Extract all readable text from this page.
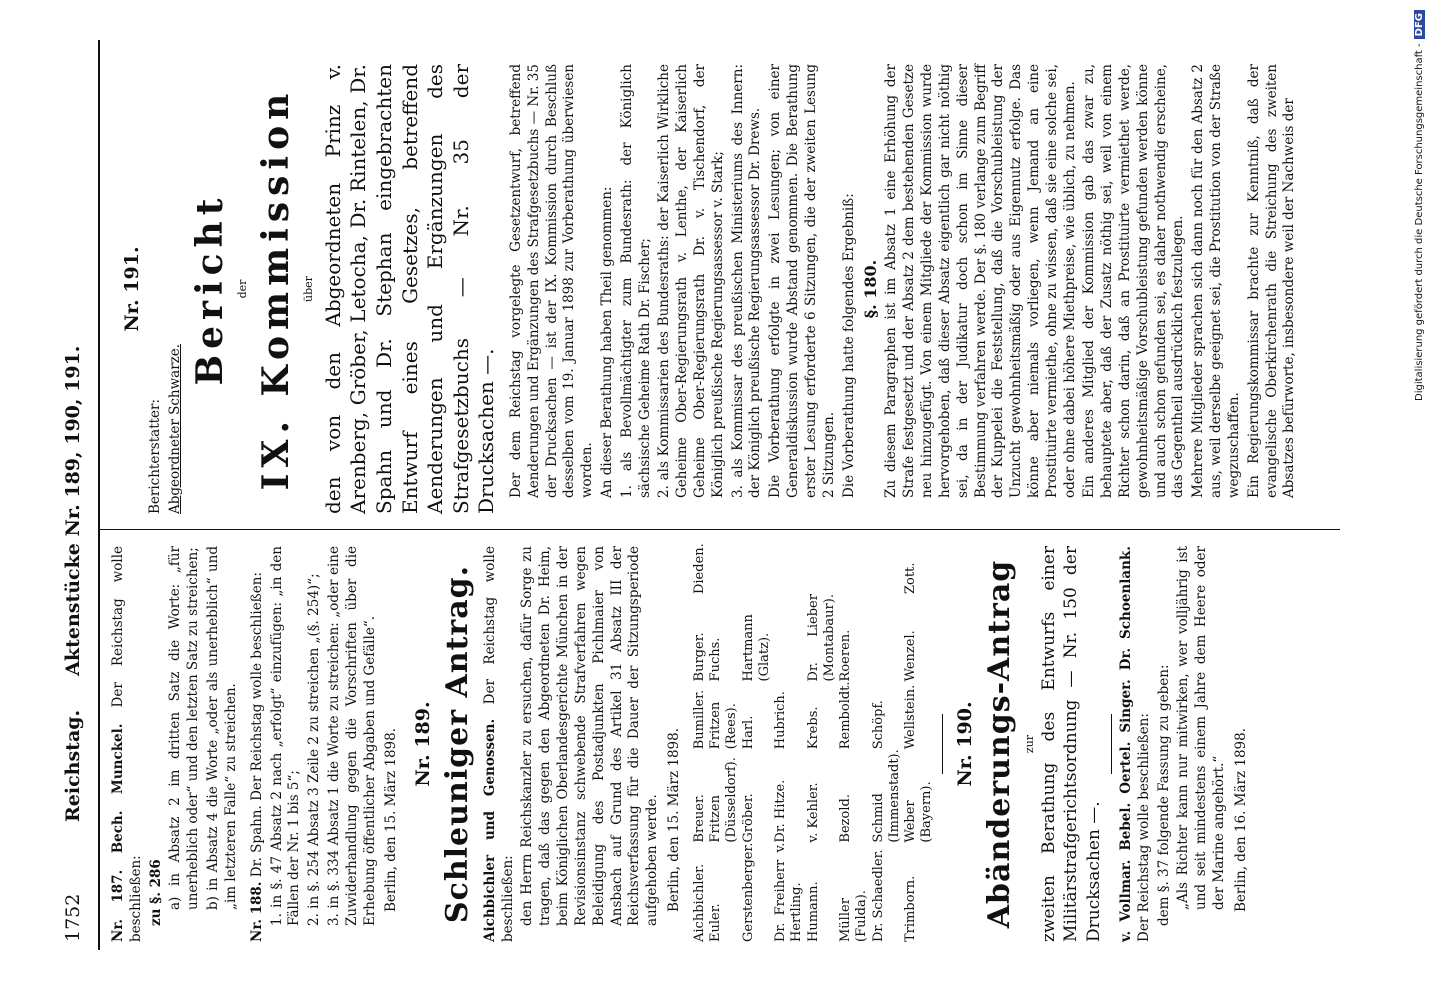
1752
Reichstag.
Aktenstücke Nr. 189, 190, 191.

Nr. 187. Bech. Munckel. Der Reichstag wolle beschließen: zu §. 286 a) in Absatz 2 im dritten Satz die Worte: „für unerheblich oder“ und den letzten Satz zu streichen; b) in Absatz 4 die Worte „oder als unerheblich“ und „im letzteren Falle“ zu streichen.

Nr. 188. Dr. Spahn. Der Reichstag wolle beschließen: 1. in §. 47 Absatz 2 nach „erfolgt“ einzufügen: „in den Fällen der Nr. 1 bis 5“; 2. in §. 254 Absatz 3 Zeile 2 zu streichen „(§. 254)“; 3. in §. 334 Absatz 1 die Worte zu streichen: „oder eine Zuwiderhandlung gegen die Vorschriften über die Erhebung öffentlicher Abgaben und Gefälle“. Berlin, den 15. März 1898. Nr. 189. Schleuniger Antrag. Aichbichler und Genossen. Der Reichstag wolle beschließen: den Herrn Reichskanzler zu ersuchen, dafür Sorge zu tragen, daß das gegen den Abgeordneten Dr. Heim, beim Königlichen Oberlandesgerichte München in der Revisionsinstanz schwebende Strafverfahren wegen Beleidigung des Postadjunkten Pichlmaier von Ansbach auf Grund des Artikel 31 Absatz III der Reichsverfassung für die Dauer der Sitzungsperiode aufgehoben werde. Berlin, den 15. März 1898. Aichbichler.
Breuer.
Bumiller.
Burger.
Dieden.
Euler.
Fritzen (Düsseldorf).
Fritzen (Rees).
Fuchs.
Gerstenberger.
Gröber.
Harl.
Hartmann (Glatz).
Dr. Freiherr v. Hertling.
Dr. Hitze.
Hubrich.
Humann.
v. Kehler.
Krebs.
Dr. Lieber (Montabaur).
Müller (Fulda).
Bezold.
Remboldt.
Roeren.
Dr. Schaedler.
Schmid (Immenstadt).
Schöpf.
Trimborn.
Weber (Bayern).
Wellstein.
Wenzel.
Zott.
Nr. 190. Abänderungs-Antrag zur zweiten Berathung des Entwurfs einer Militärstrafgerichtsordnung — Nr. 150 der Drucksachen —. v. Vollmar. Bebel. Oertel. Singer. Dr. Schoenlank. Der Reichstag wolle beschließen: dem §. 37 folgende Fassung zu geben: „Als Richter kann nur mitwirken, wer volljährig ist und seit mindestens einem Jahre dem Heere oder der Marine angehört.“ Berlin, den 16. März 1898.

Nr. 191.

Berichterstatter: Abgeordneter Schwarze.

Bericht der IX. Kommission über den von den Abgeordneten Prinz v. Arenberg, Gröber, Letocha, Dr. Rintelen, Dr. Spahn und Dr. Stephan eingebrachten Entwurf eines Gesetzes, betreffend Aenderungen und Ergänzungen des Strafgesetzbuchs — Nr. 35 der Drucksachen —. Der dem Reichstag vorgelegte Gesetzentwurf, betreffend Aenderungen und Ergänzungen des Strafgesetzbuchs — Nr. 35 der Drucksachen — ist der IX. Kommission durch Beschluß desselben vom 19. Januar 1898 zur Vorberathung überwiesen worden. An dieser Berathung haben Theil genommen: 1. als Bevollmächtigter zum Bundesrath: der Königlich sächsische Geheime Rath Dr. Fischer; 2. als Kommissarien des Bundesraths: der Kaiserlich Wirkliche Geheime Ober-Regierungsrath v. Lenthe, der Kaiserlich Geheime Ober-Regierungsrath Dr. v. Tischendorf, der Königlich preußische Regierungsassessor v. Stark; 3. als Kommissar des preußischen Ministeriums des Innern: der Königlich preußische Regierungsassessor Dr. Drews. Die Vorberathung erfolgte in zwei Lesungen; von einer Generaldiskussion wurde Abstand genommen. Die Berathung erster Lesung erforderte 6 Sitzungen, die der zweiten Lesung 2 Sitzungen. Die Vorberathung hatte folgendes Ergebniß: §. 180. Zu diesem Paragraphen ist im Absatz 1 eine Erhöhung der Strafe festgesetzt und der Absatz 2 dem bestehenden Gesetze neu hinzugefügt. Von einem Mitgliede der Kommission wurde hervorgehoben, daß dieser Absatz eigentlich gar nicht nöthig sei, da in der Judikatur doch schon im Sinne dieser Bestimmung verfahren werde. Der §. 180 verlange zum Begriff der Kuppelei die Feststellung, daß die Vorschubleistung der Unzucht gewohnheitsmäßig oder aus Eigennutz erfolge. Das könne aber niemals vorliegen, wenn Jemand an eine Prostituirte vermiethe, ohne zu wissen, daß sie eine solche sei, oder ohne dabei höhere Miethpreise, wie üblich, zu nehmen. Ein anderes Mitglied der Kommission gab das zwar zu, behauptete aber, daß der Zusatz nöthig sei, weil von einem Richter schon darin, daß an Prostituirte vermiethet werde, gewohnheitsmäßige Vorschubleistung gefunden werden könne und auch schon gefunden sei, es daher nothwendig erscheine, das Gegentheil ausdrücklich festzulegen. Mehrere Mitglieder sprachen sich dann noch für den Absatz 2 aus, weil derselbe geeignet sei, die Prostitution von der Straße wegzuschaffen. Ein Regierungskommissar brachte zur Kenntniß, daß der evangelische Oberkirchenrath die Streichung des zweiten Absatzes befürworte, insbesondere weil der Nachweis der	Digitalisierung gefördert durch die Deutsche Forschungsgemeinschaft -DFG
